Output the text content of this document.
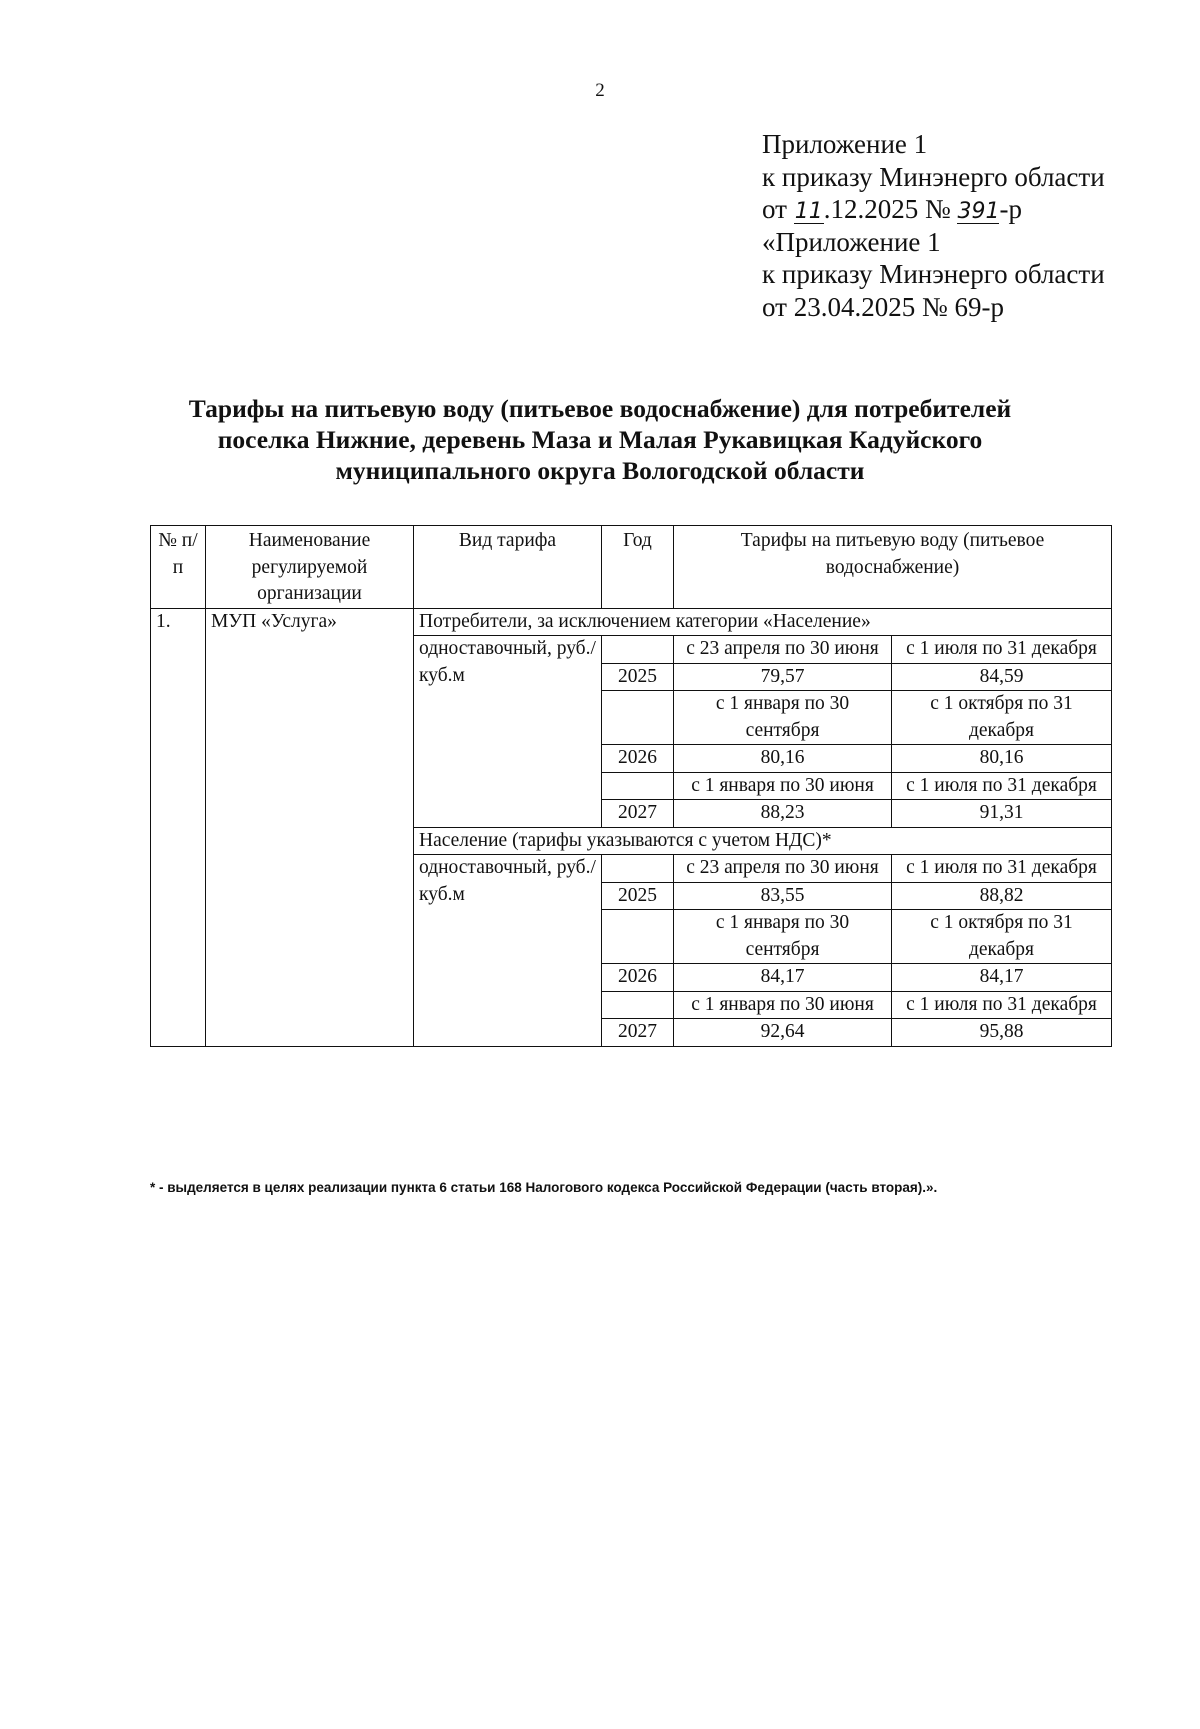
2
Приложение 1
к приказу Минэнерго области
от 11.12.2025 № 391-р
«Приложение 1
к приказу Минэнерго области
от 23.04.2025 № 69-р
Тарифы на питьевую воду (питьевое водоснабжение) для потребителей
поселка Нижние, деревень Маза и Малая Рукавицкая Кадуйского
муниципального округа Вологодской области
№ п/п	Наименование регулируемой организации	Вид тарифа	Год	Тарифы на питьевую воду (питьевое водоснабжение)	
1.	МУП «Услуга»	Потребители, за исключением категории «Население»			
		одноставочный, руб./куб.м		с 23 апреля по 30 июня	с 1 июля по 31 декабря
			2025	79,57	84,59
				с 1 января по 30 сентября	с 1 октября по 31 декабря
			2026	80,16	80,16
				с 1 января по 30 июня	с 1 июля по 31 декабря
			2027	88,23	91,31
		Население (тарифы указываются с учетом НДС)*			
		одноставочный, руб./куб.м		с 23 апреля по 30 июня	с 1 июля по 31 декабря
			2025	83,55	88,82
				с 1 января по 30 сентября	с 1 октября по 31 декабря
			2026	84,17	84,17
				с 1 января по 30 июня	с 1 июля по 31 декабря
			2027	92,64	95,88
* - выделяется в целях реализации пункта 6 статьи 168 Налогового кодекса Российской Федерации (часть вторая).».
